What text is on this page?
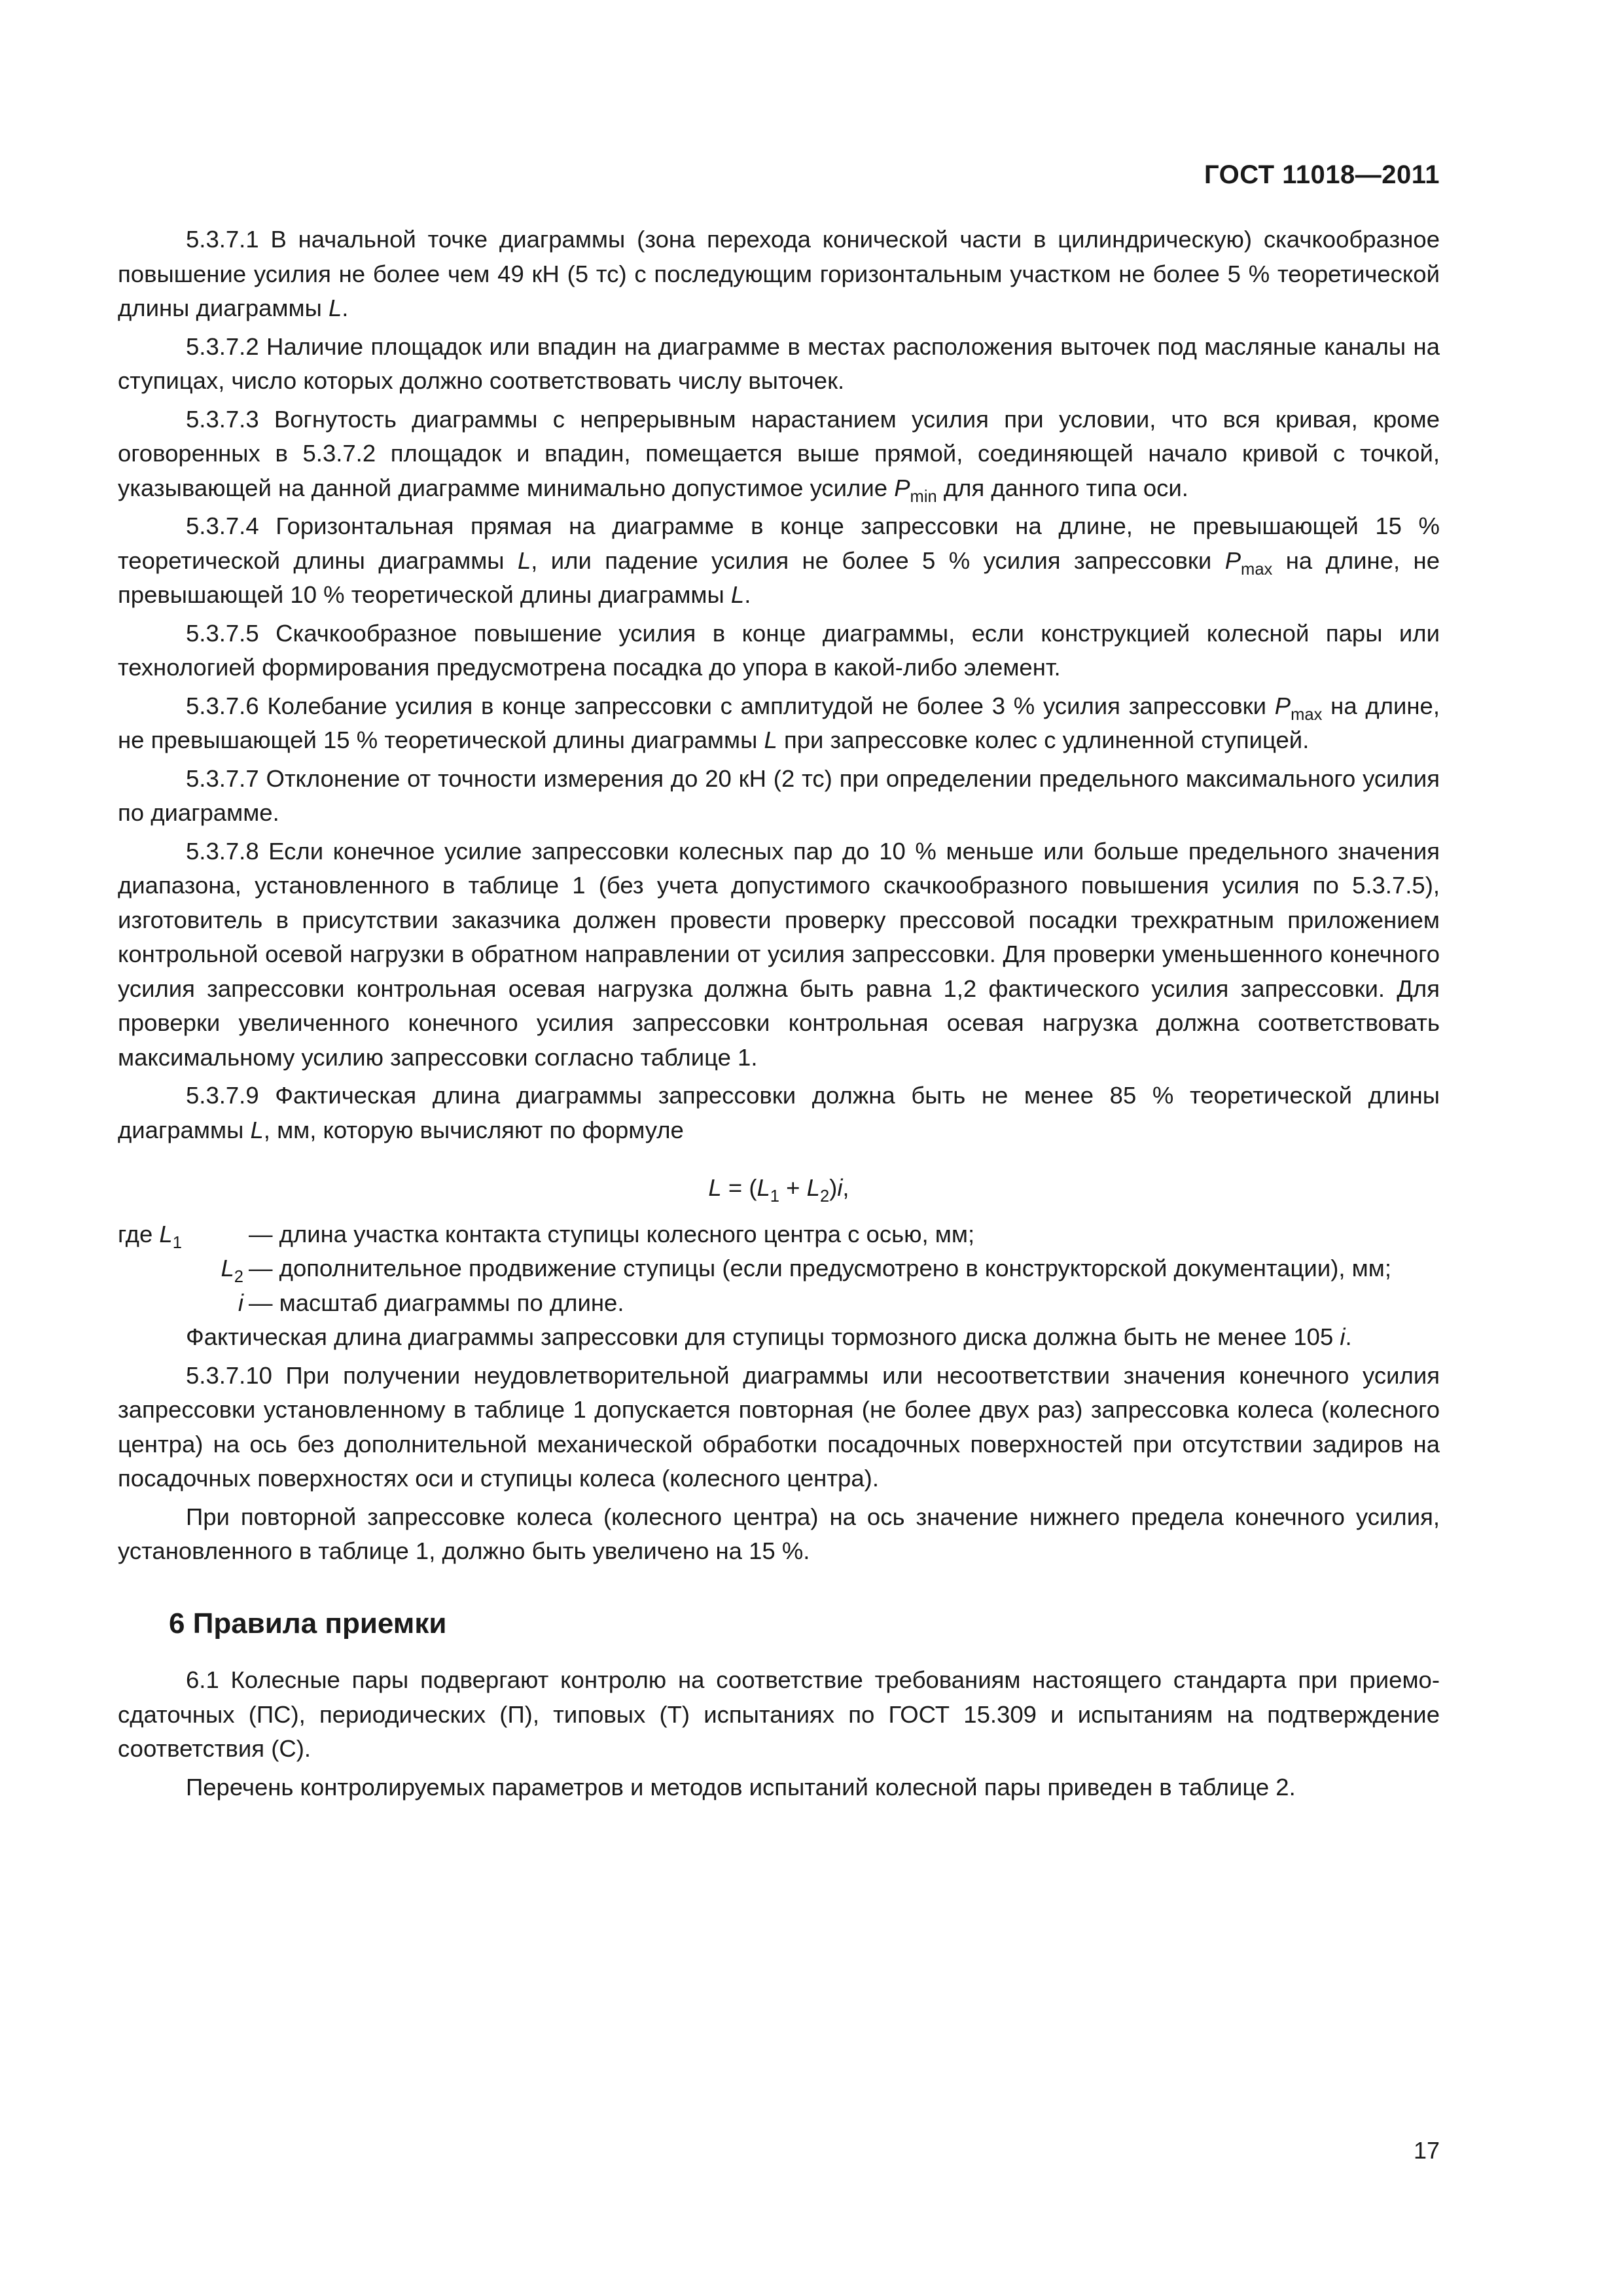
ГОСТ 11018—2011

5.3.7.1 В начальной точке диаграммы (зона перехода конической части в цилиндрическую) скачкообразное повышение усилия не более чем 49 кН (5 тс) с последующим горизонтальным участком не более 5 % теоретической длины диаграммы L.

5.3.7.2 Наличие площадок или впадин на диаграмме в местах расположения выточек под масляные каналы на ступицах, число которых должно соответствовать числу выточек.

5.3.7.3 Вогнутость диаграммы с непрерывным нарастанием усилия при условии, что вся кривая, кроме оговоренных в 5.3.7.2 площадок и впадин, помещается выше прямой, соединяющей начало кривой с точкой, указывающей на данной диаграмме минимально допустимое усилие $P_{min}$ для данного типа оси.

5.3.7.4 Горизонтальная прямая на диаграмме в конце запрессовки на длине, не превышающей 15 % теоретической длины диаграммы L, или падение усилия не более 5 % усилия запрессовки $P_{max}$ на длине, не превышающей 10 % теоретической длины диаграммы L.

5.3.7.5 Скачкообразное повышение усилия в конце диаграммы, если конструкцией колесной пары или технологией формирования предусмотрена посадка до упора в какой-либо элемент.

5.3.7.6 Колебание усилия в конце запрессовки с амплитудой не более 3 % усилия запрессовки $P_{max}$ на длине, не превышающей 15 % теоретической длины диаграммы L при запрессовке колес с удлиненной ступицей.

5.3.7.7 Отклонение от точности измерения до 20 кН (2 тс) при определении предельного максимального усилия по диаграмме.

5.3.7.8 Если конечное усилие запрессовки колесных пар до 10 % меньше или больше предельного значения диапазона, установленного в таблице 1 (без учета допустимого скачкообразного повышения усилия по 5.3.7.5), изготовитель в присутствии заказчика должен провести проверку прессовой посадки трехкратным приложением контрольной осевой нагрузки в обратном направлении от усилия запрессовки. Для проверки уменьшенного конечного усилия запрессовки контрольная осевая нагрузка должна быть равна 1,2 фактического усилия запрессовки. Для проверки увеличенного конечного усилия запрессовки контрольная осевая нагрузка должна соответствовать максимальному усилию запрессовки согласно таблице 1.

5.3.7.9 Фактическая длина диаграммы запрессовки должна быть не менее 85 % теоретической длины диаграммы L, мм, которую вычисляют по формуле

$L = (L_1 + L_2)i$,
где $L_1$	— длина участка контакта ступицы колесного центра с осью, мм;
$L_2$ — дополнительное продвижение ступицы (если предусмотрено в конструкторской документации), мм;
i — масштаб диаграммы по длине.

Фактическая длина диаграммы запрессовки для ступицы тормозного диска должна быть не менее 105 i.

5.3.7.10 При получении неудовлетворительной диаграммы или несоответствии значения конечного усилия запрессовки установленному в таблице 1 допускается повторная (не более двух раз) запрессовка колеса (колесного центра) на ось без дополнительной механической обработки посадочных поверхностей при отсутствии задиров на посадочных поверхностях оси и ступицы колеса (колесного центра).

При повторной запрессовке колеса (колесного центра) на ось значение нижнего предела конечного усилия, установленного в таблице 1, должно быть увеличено на 15 %.

6 Правила приемки

6.1 Колесные пары подвергают контролю на соответствие требованиям настоящего стандарта при приемо-сдаточных (ПС), периодических (П), типовых (Т) испытаниях по ГОСТ 15.309 и испытаниям на подтверждение соответствия (С).

Перечень контролируемых параметров и методов испытаний колесной пары приведен в таблице 2.

17
